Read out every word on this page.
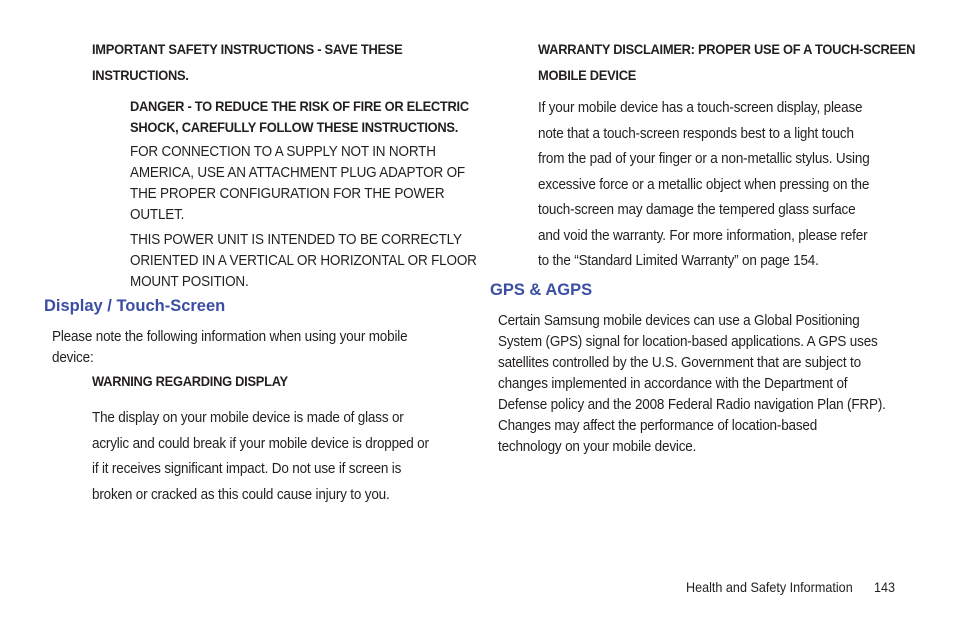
IMPORTANT SAFETY INSTRUCTIONS - SAVE THESE
INSTRUCTIONS.
DANGER - TO REDUCE THE RISK OF FIRE OR ELECTRIC
SHOCK, CAREFULLY FOLLOW THESE INSTRUCTIONS.
FOR CONNECTION TO A SUPPLY NOT IN NORTH
AMERICA, USE AN ATTACHMENT PLUG ADAPTOR OF
THE PROPER CONFIGURATION FOR THE POWER
OUTLET.
THIS POWER UNIT IS INTENDED TO BE CORRECTLY
ORIENTED IN A VERTICAL OR HORIZONTAL OR FLOOR
MOUNT POSITION.
Display / Touch-Screen
Please note the following information when using your mobile
device:
WARNING REGARDING DISPLAY
The display on your mobile device is made of glass or
acrylic and could break if your mobile device is dropped or
if it receives significant impact. Do not use if screen is
broken or cracked as this could cause injury to you.
WARRANTY DISCLAIMER: PROPER USE OF A TOUCH-SCREEN
MOBILE DEVICE
If your mobile device has a touch-screen display, please
note that a touch-screen responds best to a light touch
from the pad of your finger or a non-metallic stylus. Using
excessive force or a metallic object when pressing on the
touch-screen may damage the tempered glass surface
and void the warranty. For more information, please refer
to the “Standard Limited Warranty” on page 154.
GPS & AGPS
Certain Samsung mobile devices can use a Global Positioning
System (GPS) signal for location-based applications. A GPS uses
satellites controlled by the U.S. Government that are subject to
changes implemented in accordance with the Department of
Defense policy and the 2008 Federal Radio navigation Plan (FRP).
Changes may affect the performance of location-based
technology on your mobile device.
Health and Safety Information 143
